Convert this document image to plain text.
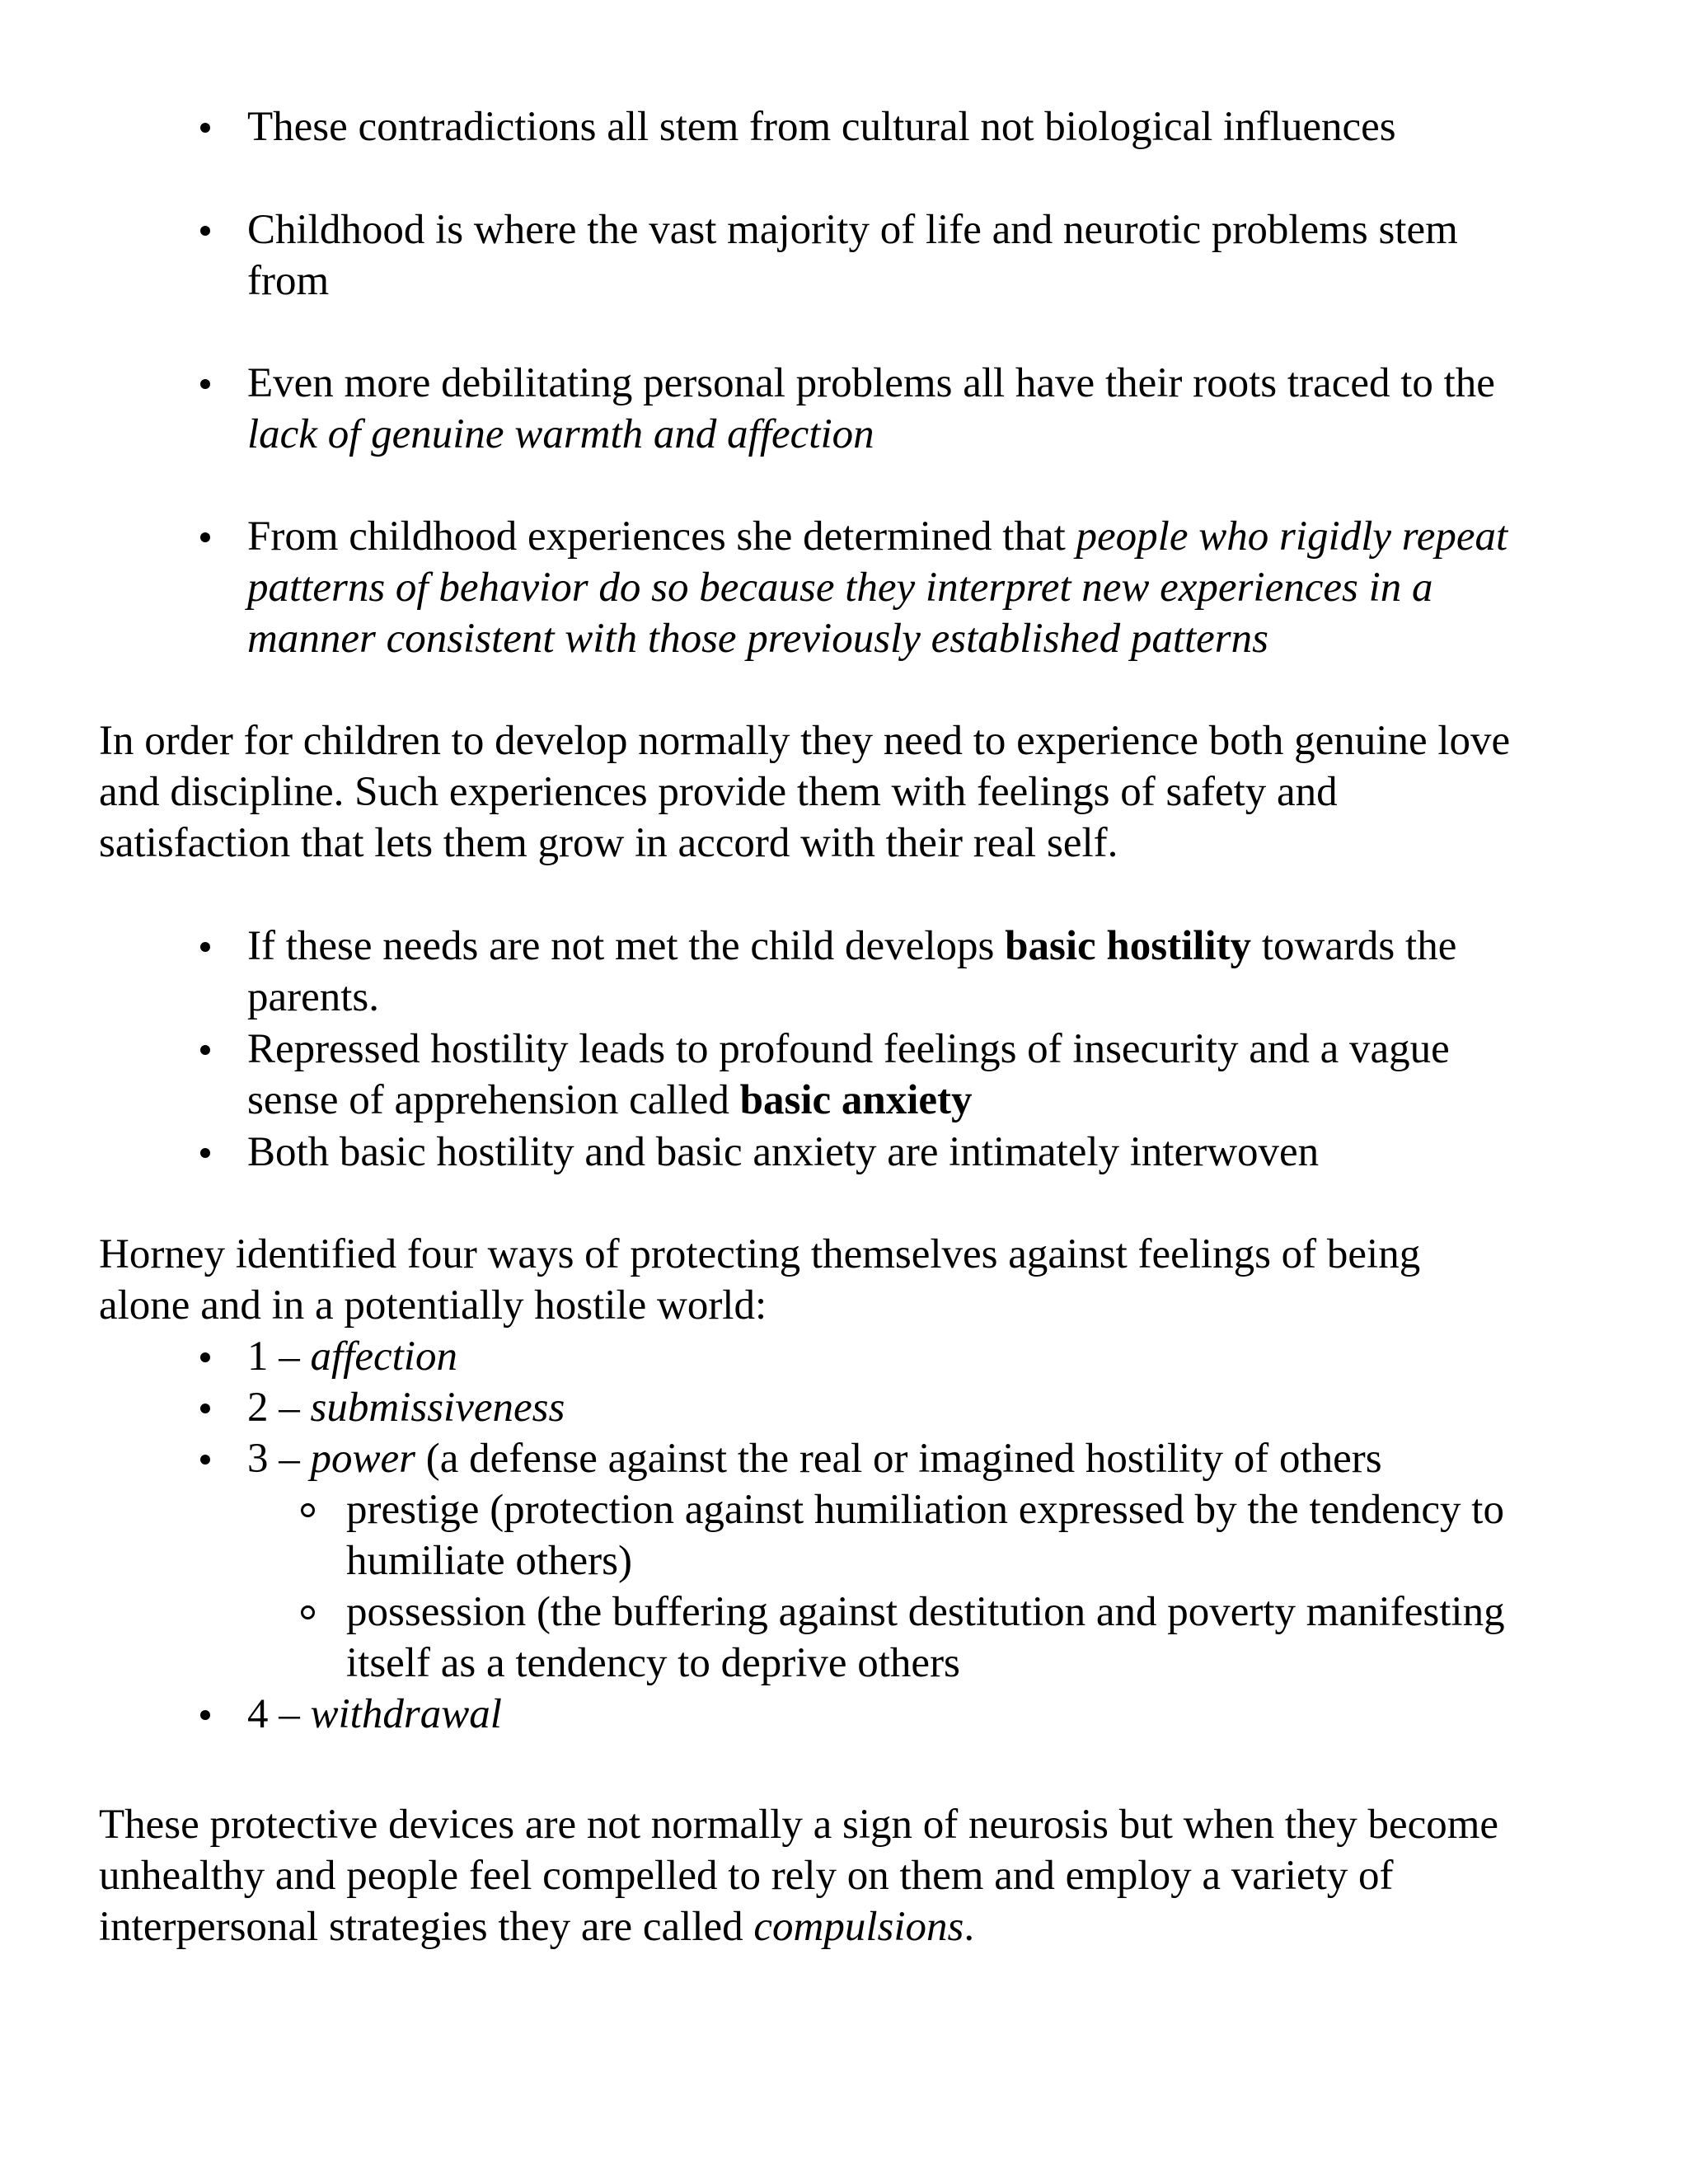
These contradictions all stem from cultural not biological influences
Childhood is where the vast majority of life and neurotic problems stem
from
Even more debilitating personal problems all have their roots traced to the
lack of genuine warmth and affection
From childhood experiences she determined that people who rigidly repeat
patterns of behavior do so because they interpret new experiences in a
manner consistent with those previously established patterns
In order for children to develop normally they need to experience both genuine love
and discipline. Such experiences provide them with feelings of safety and
satisfaction that lets them grow in accord with their real self.
If these needs are not met the child develops basic hostility towards the
parents.
Repressed hostility leads to profound feelings of insecurity and a vague
sense of apprehension called basic anxiety
Both basic hostility and basic anxiety are intimately interwoven
Horney identified four ways of protecting themselves against feelings of being
alone and in a potentially hostile world:
1 – affection
2 – submissiveness
3 – power (a defense against the real or imagined hostility of others
prestige (protection against humiliation expressed by the tendency to
humiliate others)
possession (the buffering against destitution and poverty manifesting
itself as a tendency to deprive others
4 – withdrawal
These protective devices are not normally a sign of neurosis but when they become
unhealthy and people feel compelled to rely on them and employ a variety of
interpersonal strategies they are called compulsions.
